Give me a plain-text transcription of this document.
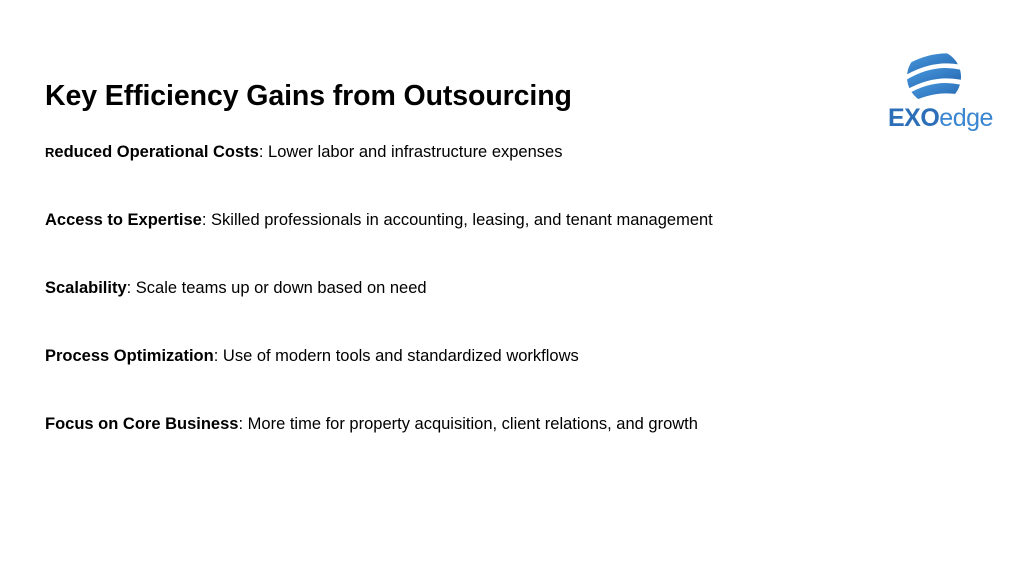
Key Efficiency Gains from Outsourcing
Reduced Operational Costs: Lower labor and infrastructure expenses
Access to Expertise: Skilled professionals in accounting, leasing, and tenant management
Scalability: Scale teams up or down based on need
Process Optimization: Use of modern tools and standardized workflows
Focus on Core Business: More time for property acquisition, client relations, and growth
EXOedge
